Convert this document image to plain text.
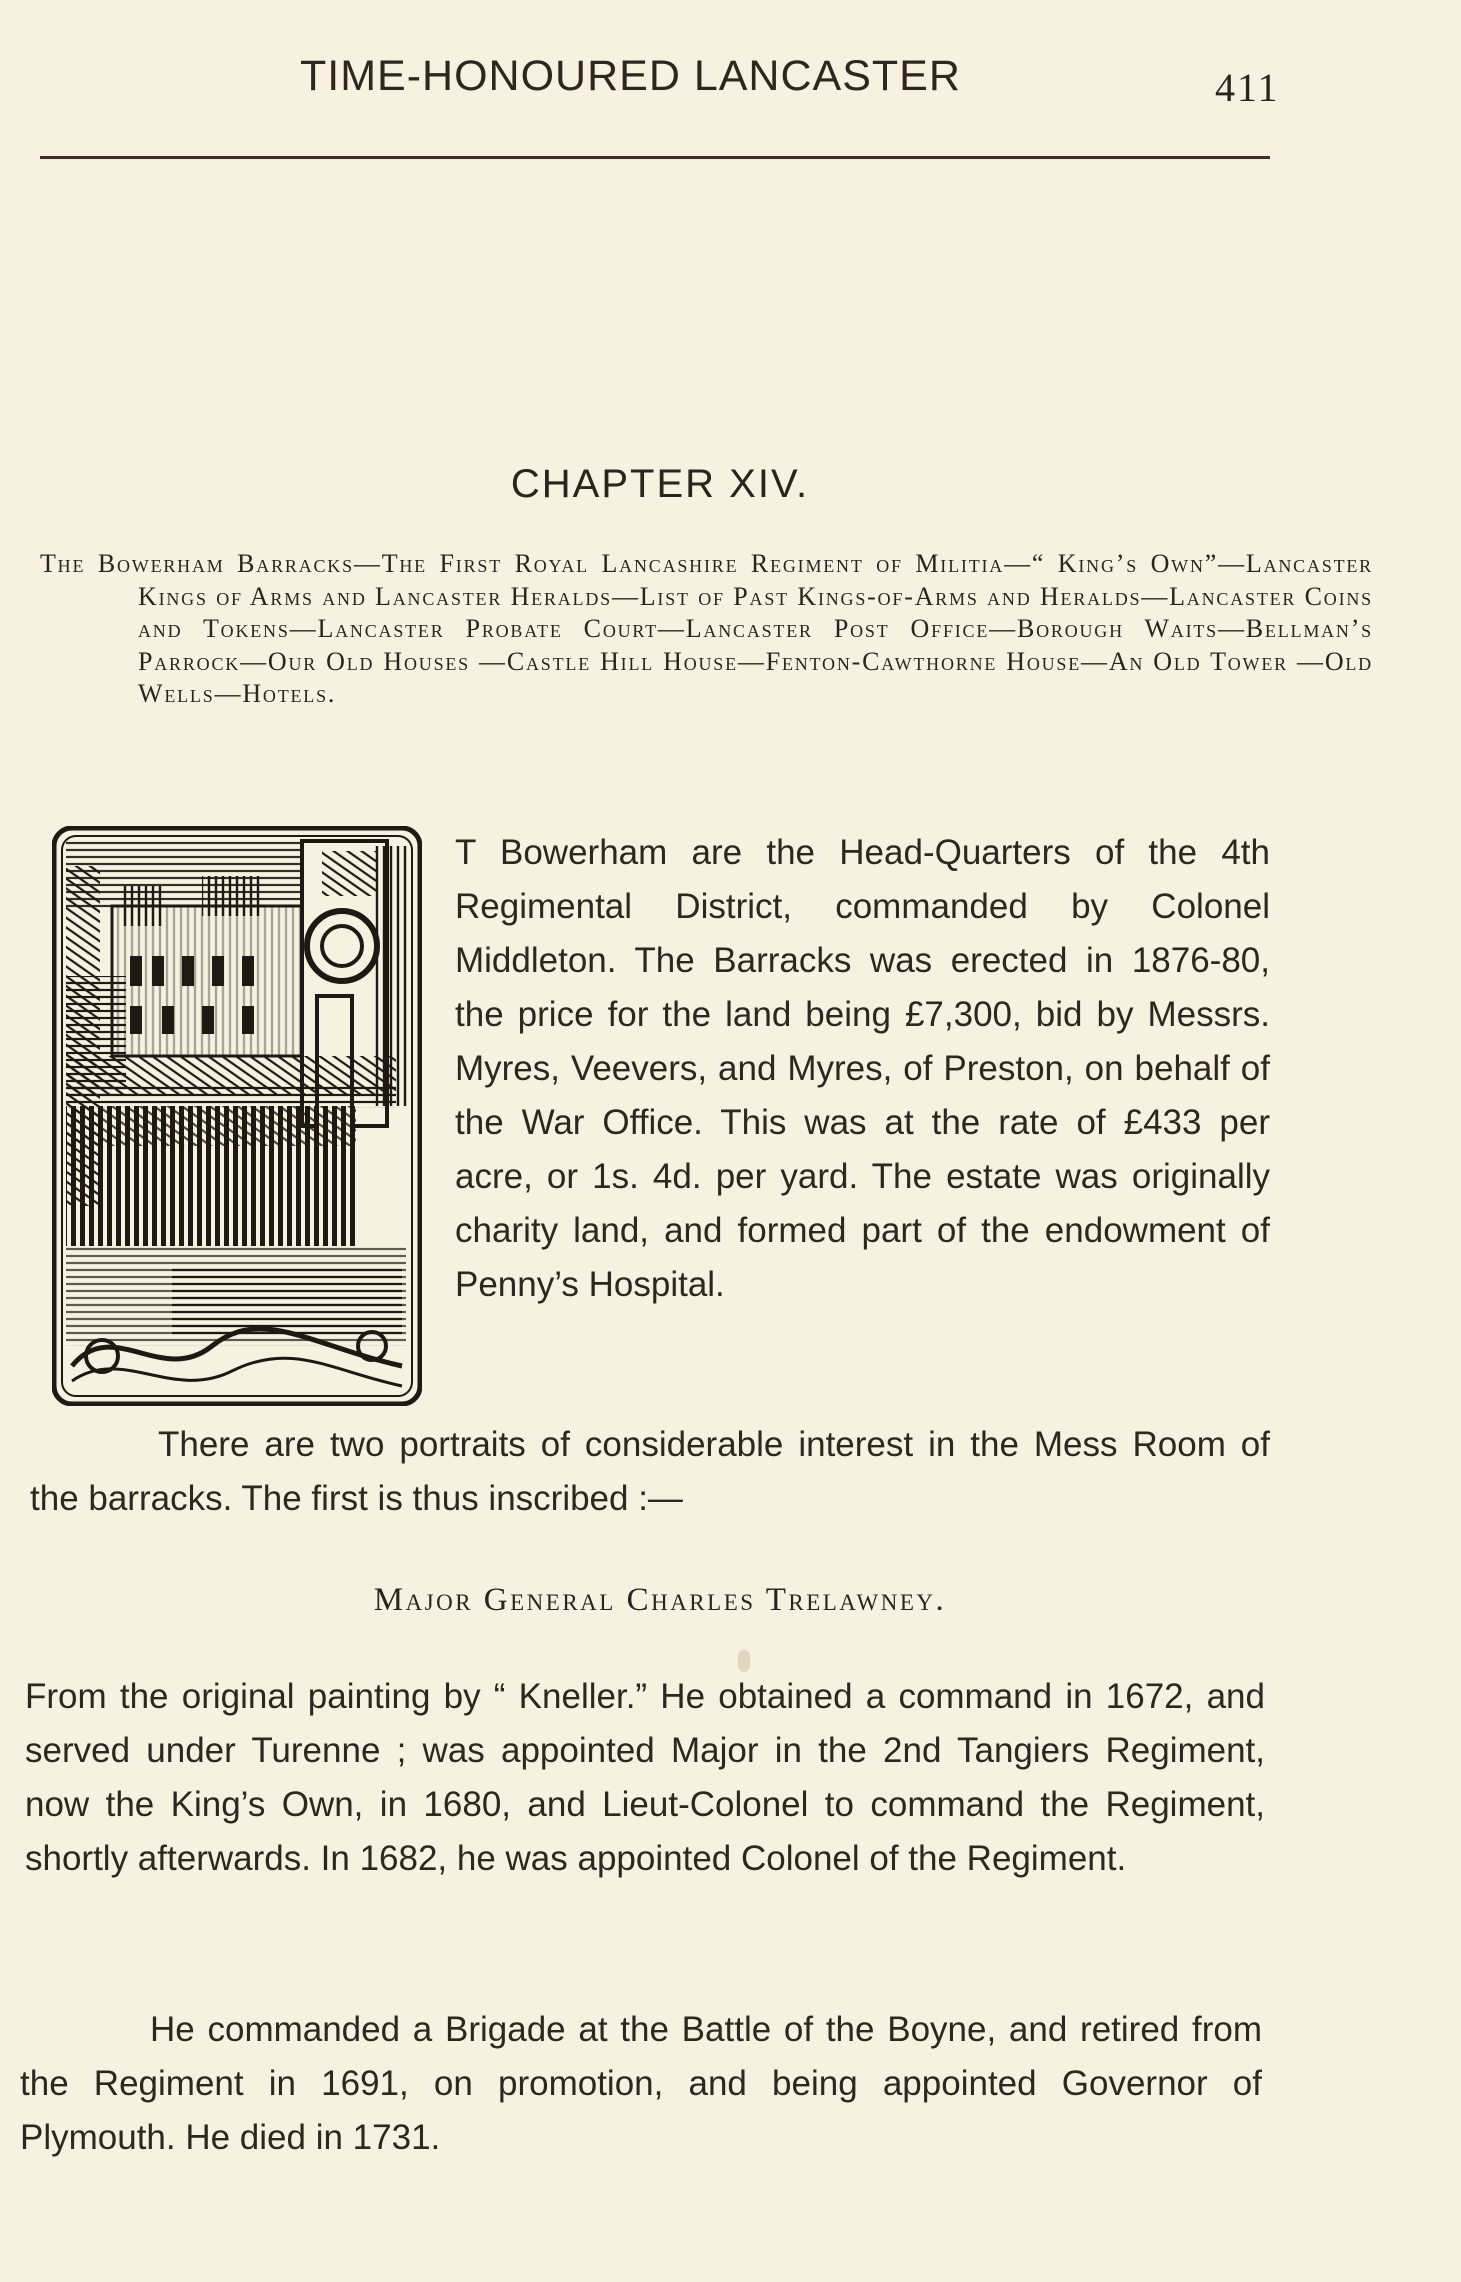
TIME-HONOURED LANCASTER	411
CHAPTER XIV.
The Bowerham Barracks—The First Royal Lancashire Regiment of Militia—“ King’s Own”—Lancaster Kings of Arms and Lancaster Heralds—List of Past Kings-of-Arms and Heralds—Lancaster Coins and Tokens—Lancaster Probate Court—Lancaster Post Office—Borough Waits—Bellman’s Parrock—Our Old Houses —Castle Hill House—Fenton-Cawthorne House—An Old Tower —Old Wells—Hotels.
T Bowerham are the Head-Quarters of the 4th Regimental District, commanded by Colonel Middleton. The Barracks was erected in 1876-80, the price for the land being £7,300, bid by Messrs. Myres, Veevers, and Myres, of Preston, on behalf of the War Office. This was at the rate of £433 per acre, or 1s. 4d. per yard. The estate was originally charity land, and formed part of the endowment of Penny’s Hospital.
There are two portraits of considerable interest in the Mess Room of the barracks. The first is thus inscribed :—
Major General Charles Trelawney.
From the original painting by “ Kneller.” He obtained a command in 1672, and served under Turenne ; was appointed Major in the 2nd Tangiers Regiment, now the King’s Own, in 1680, and Lieut-Colonel to command the Regiment, shortly afterwards. In 1682, he was appointed Colonel of the Regiment.
He commanded a Brigade at the Battle of the Boyne, and retired from the Regiment in 1691, on promotion, and being appointed Governor of Plymouth. He died in 1731.
